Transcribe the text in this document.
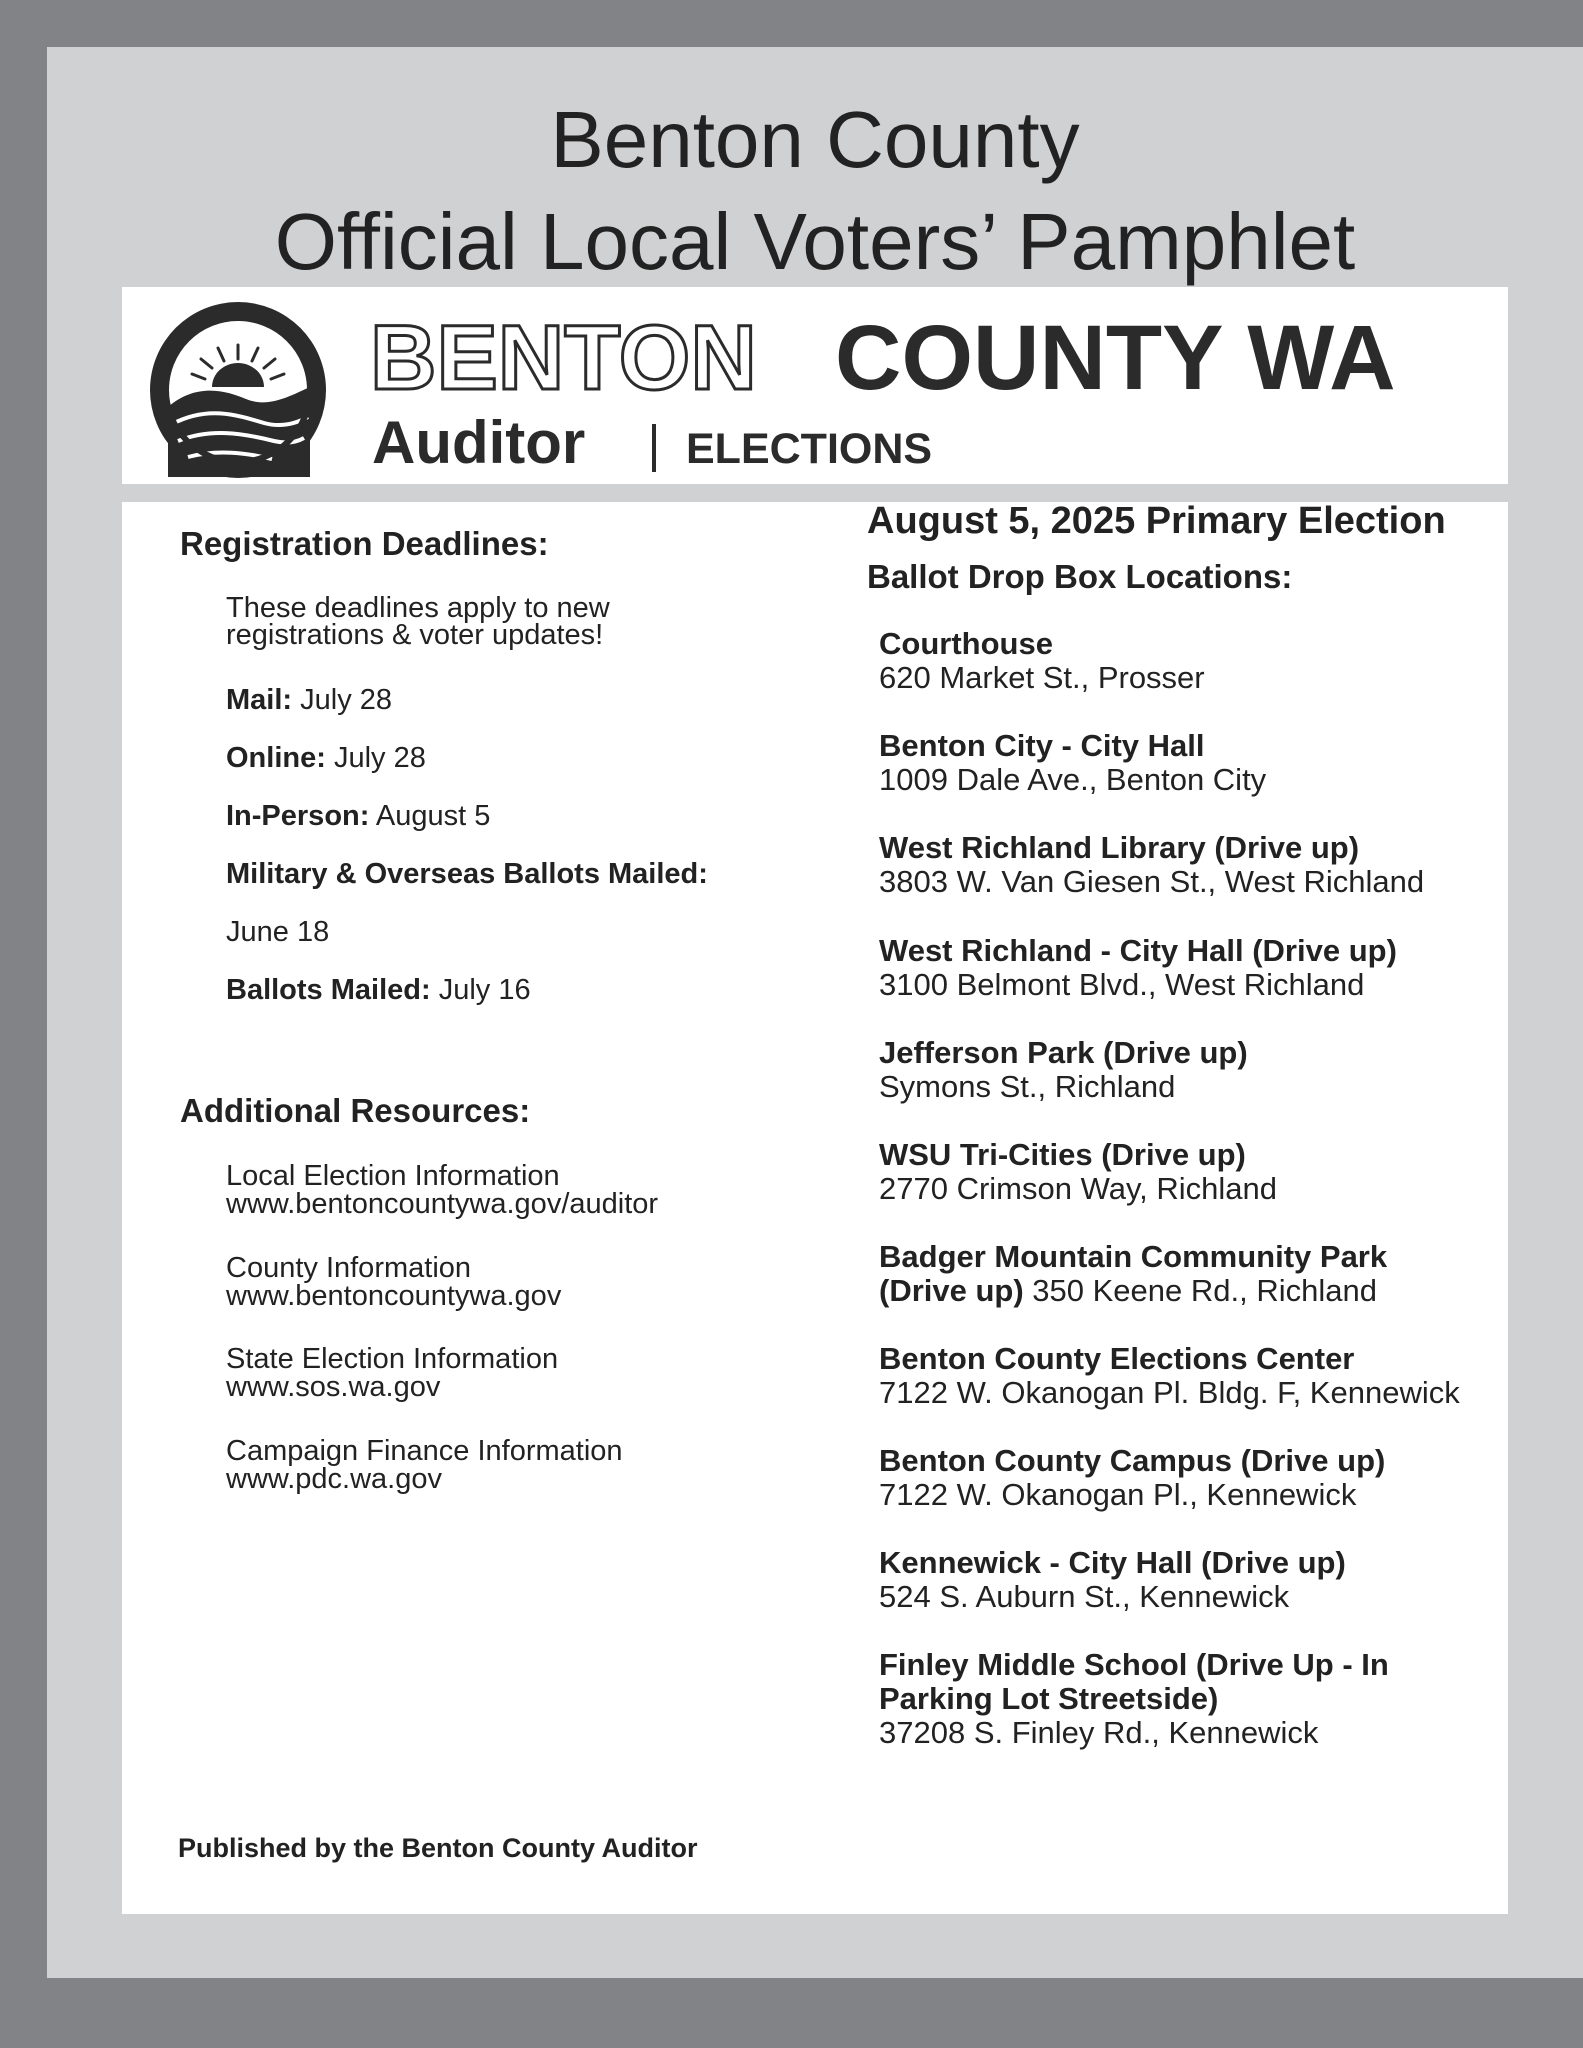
Benton County
Official Local Voters’ Pamphlet
BENTON COUNTY WA
Auditor ELECTIONS
Registration Deadlines:
These deadlines apply to new
registrations & voter updates!
Mail: July 28
Online: July 28
In-Person: August 5
Military & Overseas Ballots Mailed:
June 18
Ballots Mailed: July 16
Additional Resources:
Local Election Information
www.bentoncountywa.gov/auditor
County Information
www.bentoncountywa.gov
State Election Information
www.sos.wa.gov
Campaign Finance Information
www.pdc.wa.gov
Published by the Benton County Auditor
August 5, 2025 Primary Election
Ballot Drop Box Locations:
Courthouse
620 Market St., Prosser
Benton City - City Hall
1009 Dale Ave., Benton City
West Richland Library (Drive up)
3803 W. Van Giesen St., West Richland
West Richland - City Hall (Drive up)
3100 Belmont Blvd., West Richland
Jefferson Park (Drive up)
Symons St., Richland
WSU Tri-Cities (Drive up)
2770 Crimson Way, Richland
Badger Mountain Community Park
(Drive up) 350 Keene Rd., Richland
Benton County Elections Center
7122 W. Okanogan Pl. Bldg. F, Kennewick
Benton County Campus (Drive up)
7122 W. Okanogan Pl., Kennewick
Kennewick - City Hall (Drive up)
524 S. Auburn St., Kennewick
Finley Middle School (Drive Up - In
Parking Lot Streetside)
37208 S. Finley Rd., Kennewick
